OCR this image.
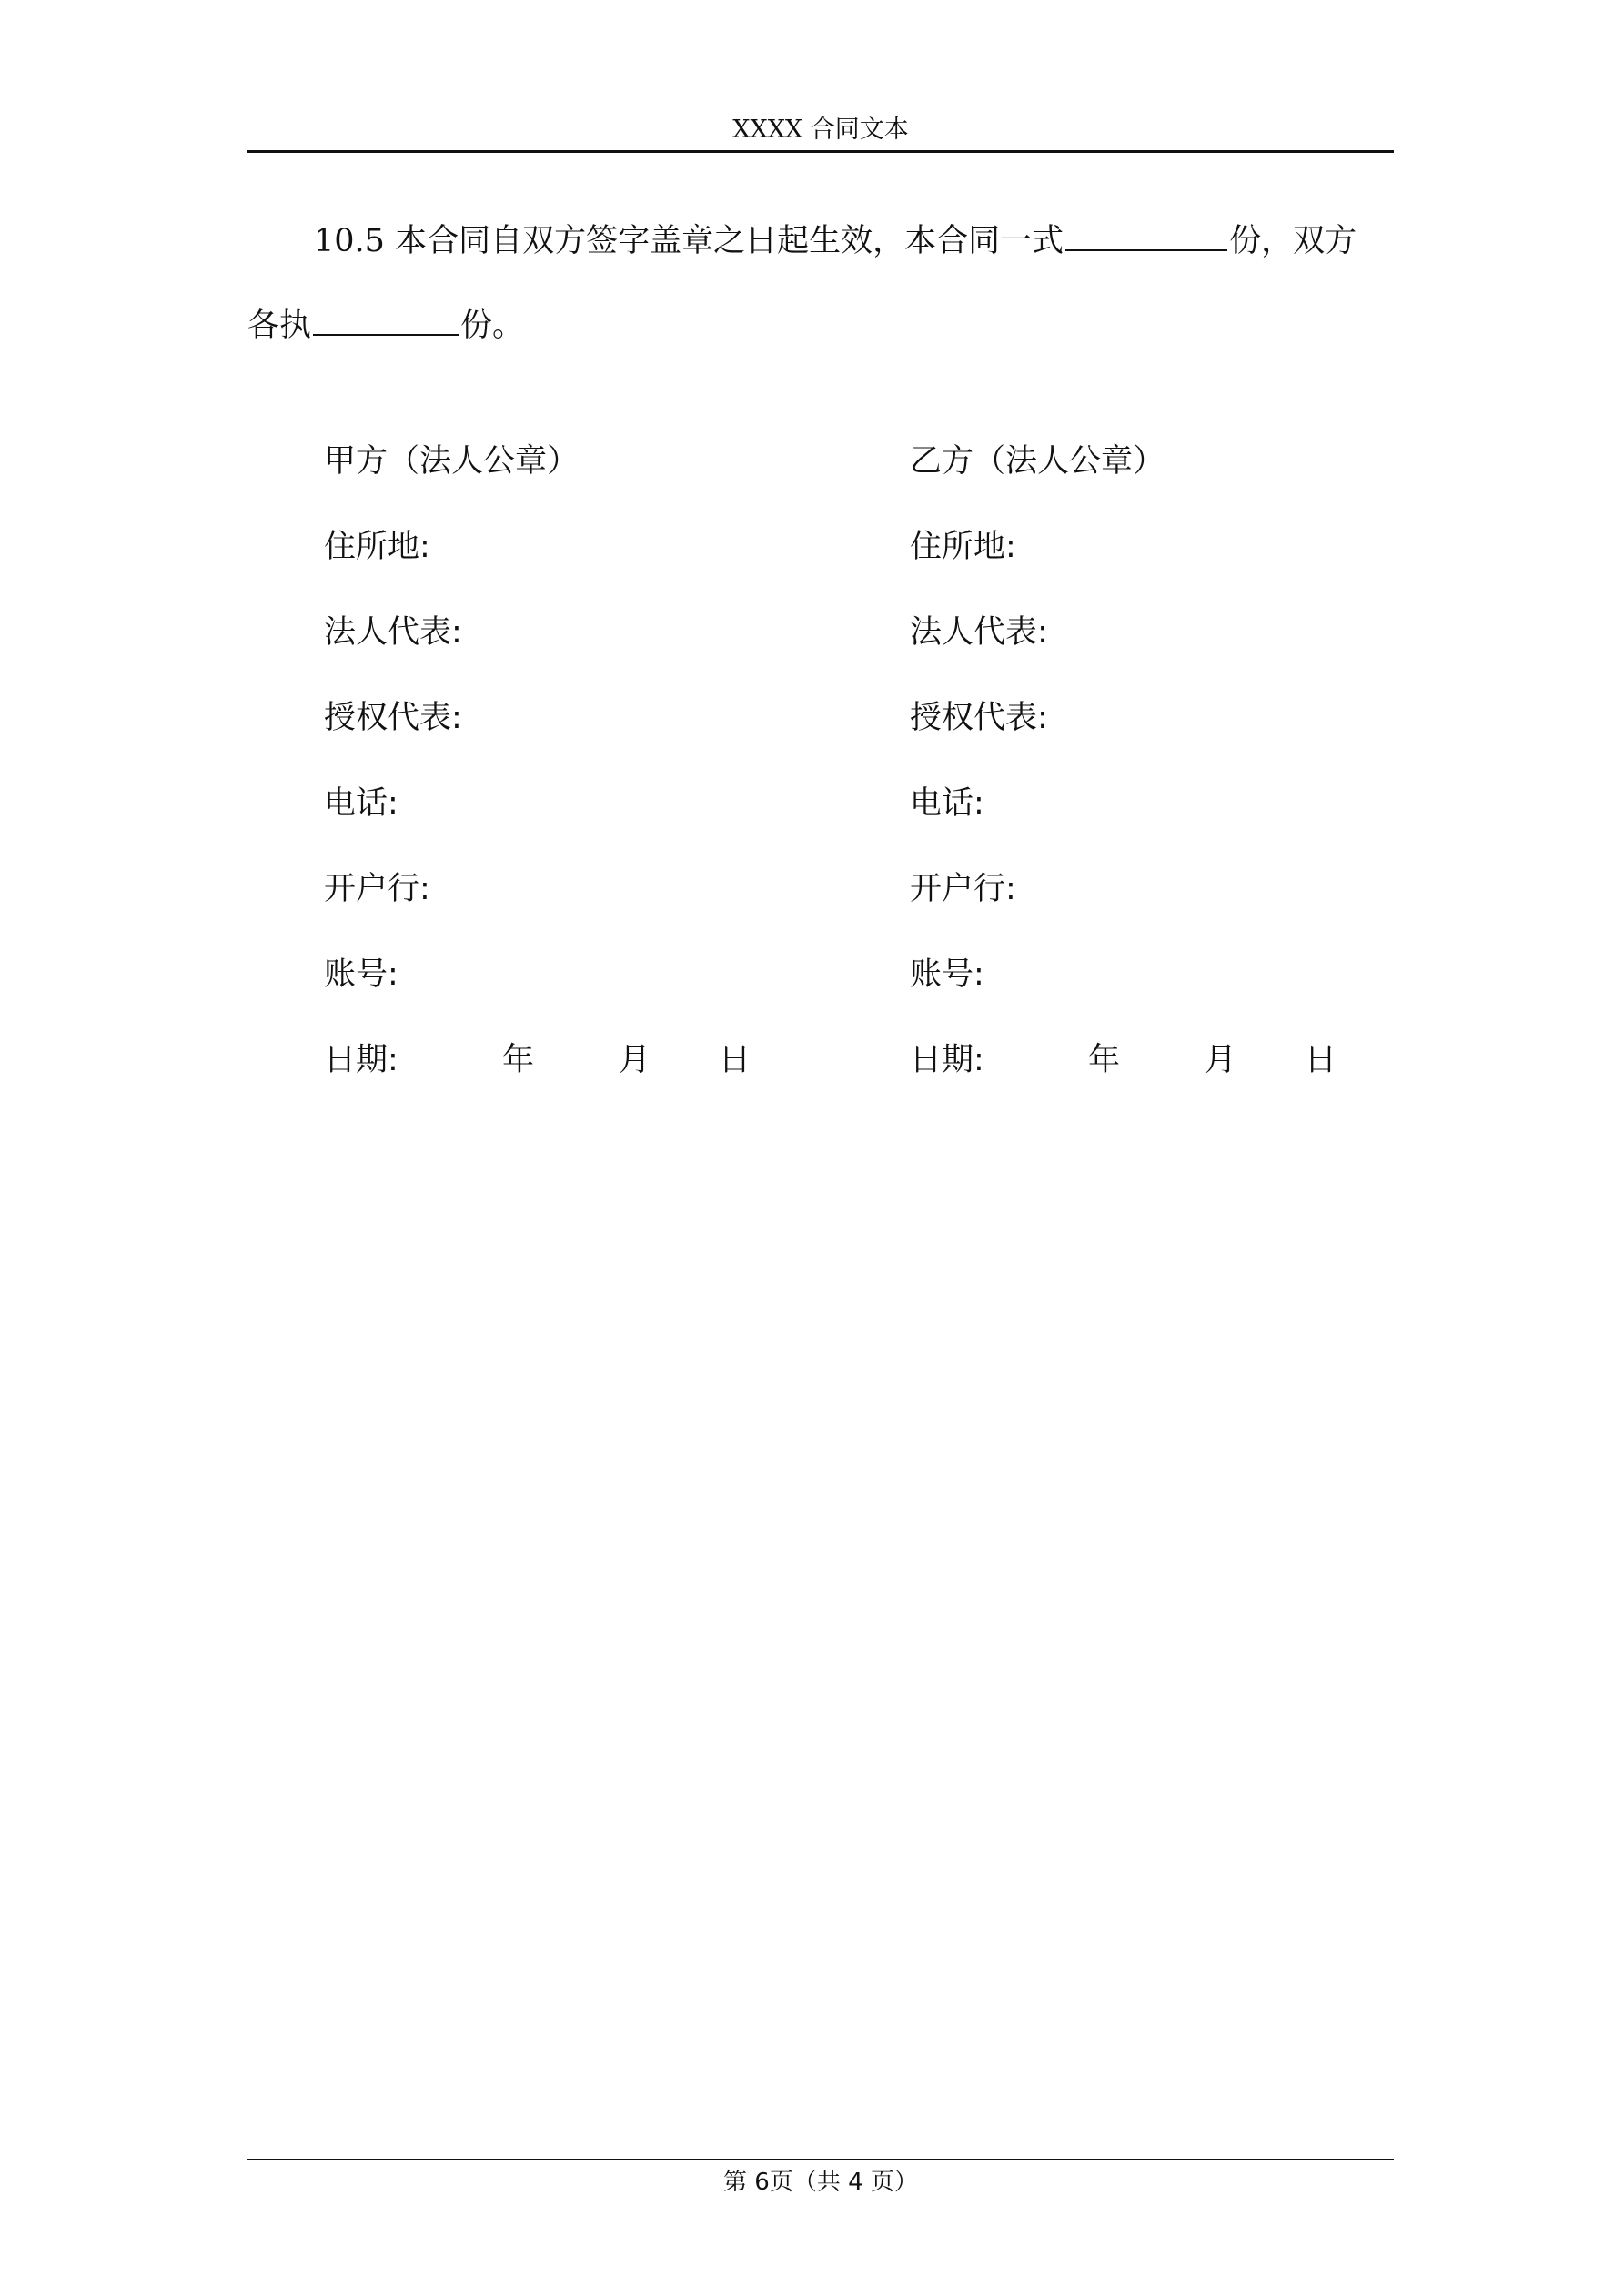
XXXX 合同文本
10.5 本合同自双方签字盖章之日起生效，本合同一式	份，双方
各执	份。
甲方（法人公章）
住所地:
法人代表:
授权代表:
电话:
开户行:
账号:
日期:	年	月 日
乙方（法人公章）
住所地:
法人代表:
授权代表:
电话:
开户行:
账号:
日期:	年	月 日
第 6页（共 4 页）
